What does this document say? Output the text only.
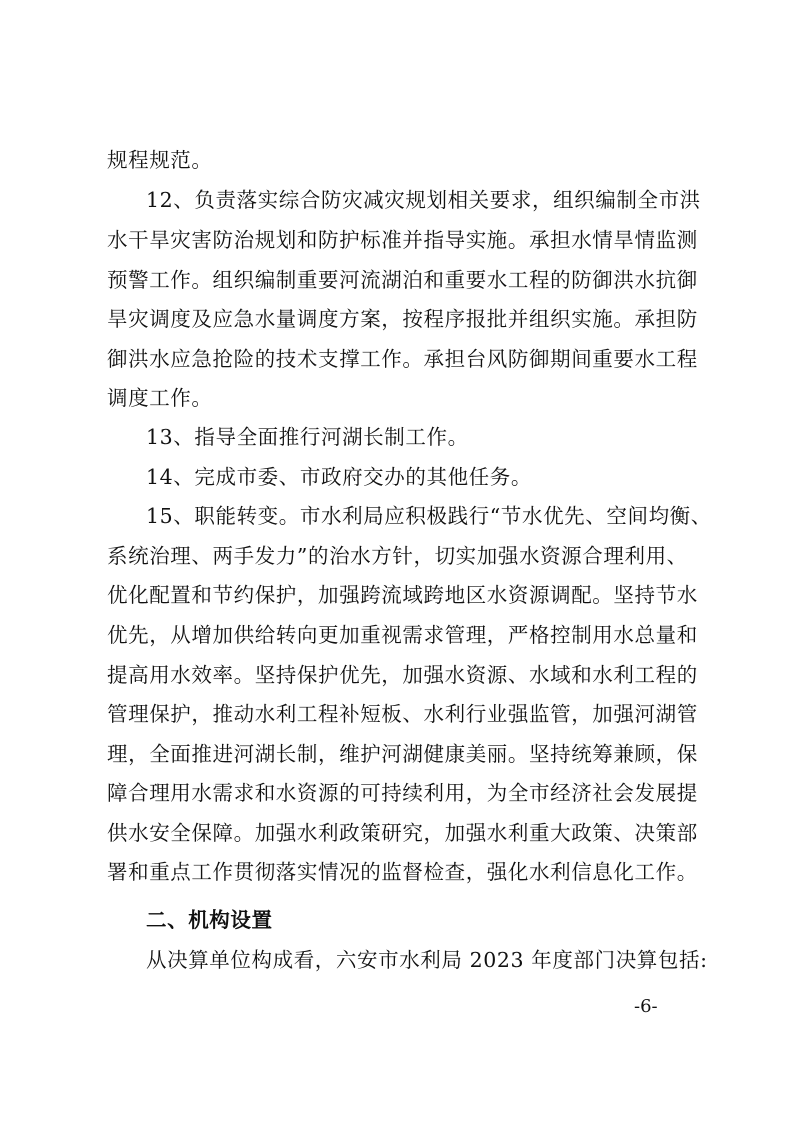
规程规范。
12、负责落实综合防灾减灾规划相关要求，组织编制全市洪
水干旱灾害防治规划和防护标准并指导实施。承担水情旱情监测
预警工作。组织编制重要河流湖泊和重要水工程的防御洪水抗御
旱灾调度及应急水量调度方案，按程序报批并组织实施。承担防
御洪水应急抢险的技术支撑工作。承担台风防御期间重要水工程
调度工作。
13、指导全面推行河湖长制工作。
14、完成市委、市政府交办的其他任务。
15、职能转变。市水利局应积极践行“节水优先、空间均衡、
系统治理、两手发力”的治水方针，切实加强水资源合理利用、
优化配置和节约保护，加强跨流域跨地区水资源调配。坚持节水
优先，从增加供给转向更加重视需求管理，严格控制用水总量和
提高用水效率。坚持保护优先，加强水资源、水域和水利工程的
管理保护，推动水利工程补短板、水利行业强监管，加强河湖管
理，全面推进河湖长制，维护河湖健康美丽。坚持统筹兼顾，保
障合理用水需求和水资源的可持续利用，为全市经济社会发展提
供水安全保障。加强水利政策研究，加强水利重大政策、决策部
署和重点工作贯彻落实情况的监督检查，强化水利信息化工作。
二、机构设置
从决算单位构成看，六安市水利局 2023 年度部门决算包括:
-6-
